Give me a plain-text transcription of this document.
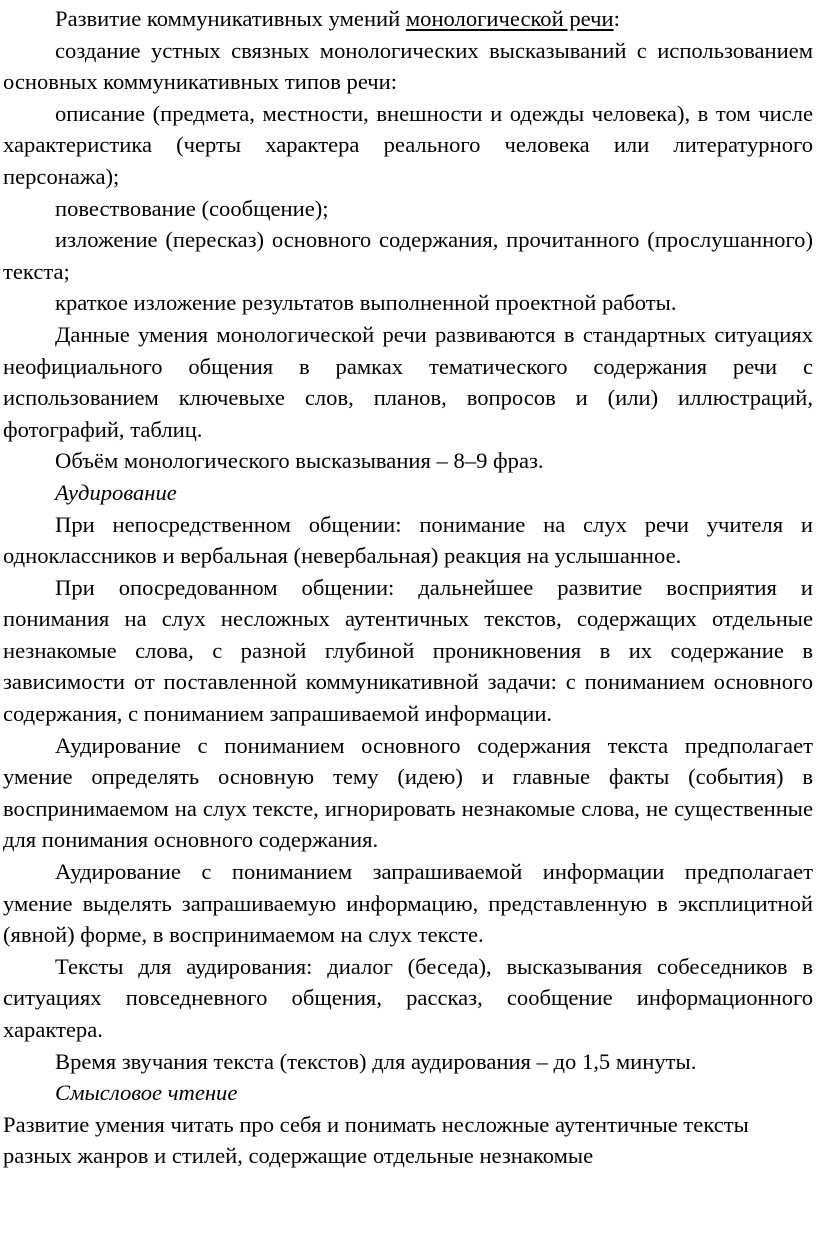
Развитие коммуникативных умений монологической речи:

создание устных связных монологических высказываний с использованием основных коммуникативных типов речи:

описание (предмета, местности, внешности и одежды человека), в том числе характеристика (черты характера реального человека или литературного персонажа);

повествование (сообщение);

изложение (пересказ) основного содержания, прочитанного (прослушанного) текста;

краткое изложение результатов выполненной проектной работы.

Данные умения монологической речи развиваются в стандартных ситуациях неофициального общения в рамках тематического содержания речи с использованием ключевыхе слов, планов, вопросов и (или) иллюстраций, фотографий, таблиц.

Объём монологического высказывания – 8–9 фраз.

Аудирование

При непосредственном общении: понимание на слух речи учителя и одноклассников и вербальная (невербальная) реакция на услышанное.

При опосредованном общении: дальнейшее развитие восприятия и понимания на слух несложных аутентичных текстов, содержащих отдельные незнакомые слова, с разной глубиной проникновения в их содержание в зависимости от поставленной коммуникативной задачи: с пониманием основного содержания, с пониманием запрашиваемой информации.

Аудирование с пониманием основного содержания текста предполагает умение определять основную тему (идею) и главные факты (события) в воспринимаемом на слух тексте, игнорировать незнакомые слова, не существенные для понимания основного содержания.

Аудирование с пониманием запрашиваемой информации предполагает умение выделять запрашиваемую информацию, представленную в эксплицитной (явной) форме, в воспринимаемом на слух тексте.

Тексты для аудирования: диалог (беседа), высказывания собеседников в ситуациях повседневного общения, рассказ, сообщение информационного характера.

Время звучания текста (текстов) для аудирования – до 1,5 минуты.

Смысловое чтение

Развитие умения читать про себя и понимать несложные аутентичные тексты разных жанров и стилей, содержащие отдельные незнакомые
